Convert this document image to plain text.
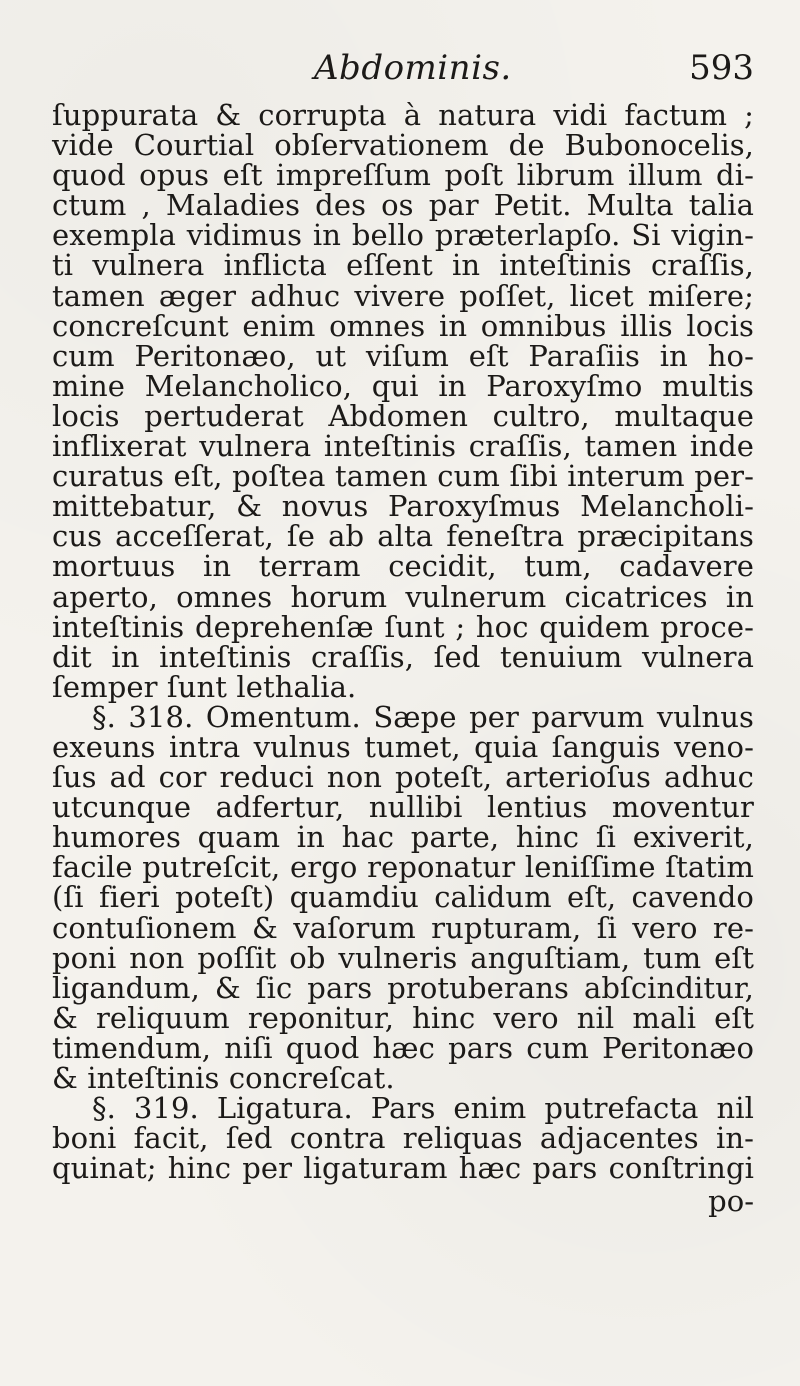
Abdominis.	593
ſuppurata & corrupta à natura vidi factum ;
vide Courtial obſervationem de Bubonocelis,
quod opus eſt impreſſum poſt librum illum di-
ctum , Maladies des os par Petit. Multa talia
exempla vidimus in bello præterlapſo. Si vigin-
ti vulnera inflicta eſſent in inteſtinis craſſis,
tamen æger adhuc vivere poſſet, licet miſere;
concreſcunt enim omnes in omnibus illis locis
cum Peritonæo, ut viſum eſt Paraſiis in ho-
mine Melancholico, qui in Paroxyſmo multis
locis pertuderat Abdomen cultro, multaque
inflixerat vulnera inteſtinis craſſis, tamen inde
curatus eſt, poſtea tamen cum ſibi interum per-
mittebatur, & novus Paroxyſmus Melancholi-
cus acceſſerat, ſe ab alta feneſtra præcipitans
mortuus in terram cecidit, tum, cadavere
aperto, omnes horum vulnerum cicatrices in
inteſtinis deprehenſæ ſunt ; hoc quidem proce-
dit in inteſtinis craſſis, ſed tenuium vulnera
ſemper ſunt lethalia.
§. 318. Omentum. Sæpe per parvum vulnus
exeuns intra vulnus tumet, quia ſanguis veno-
ſus ad cor reduci non poteſt, arterioſus adhuc
utcunque adfertur, nullibi lentius moventur
humores quam in hac parte, hinc ſi exiverit,
facile putreſcit, ergo reponatur leniſſime ſtatim
(ſi fieri poteſt) quamdiu calidum eſt, cavendo
contuſionem & vaſorum rupturam, ſi vero re-
poni non poſſit ob vulneris anguſtiam, tum eſt
ligandum, & ſic pars protuberans abſcinditur,
& reliquum reponitur, hinc vero nil mali eſt
timendum, niſi quod hæc pars cum Peritonæo
& inteſtinis concreſcat.
§. 319. Ligatura. Pars enim putrefacta nil
boni facit, ſed contra reliquas adjacentes in-
quinat; hinc per ligaturam hæc pars conſtringi
po-
